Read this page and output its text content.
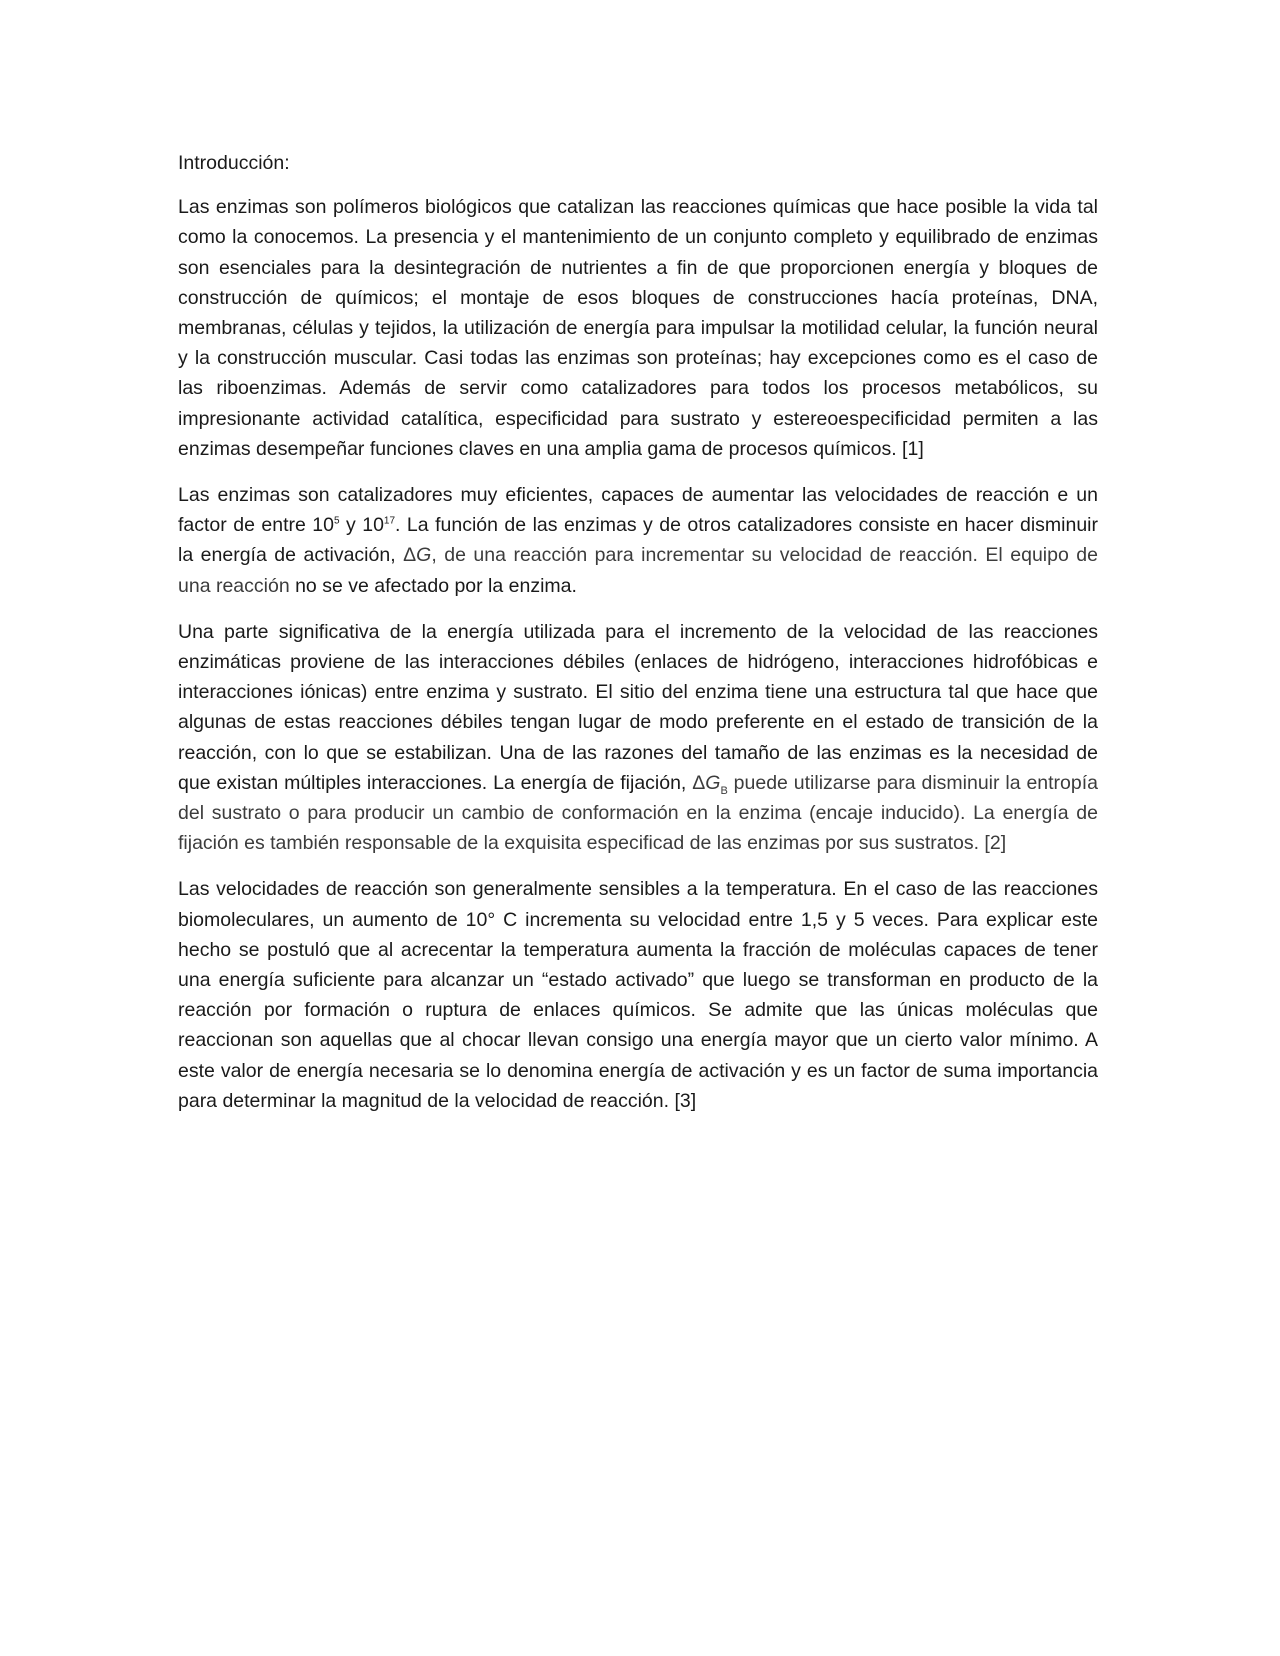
Introducción:

Las enzimas son polímeros biológicos que catalizan las reacciones químicas que hace posible la vida tal como la conocemos. La presencia y el mantenimiento de un conjunto completo y equilibrado de enzimas son esenciales para la desintegración de nutrientes a fin de que proporcionen energía y bloques de construcción de químicos; el montaje de esos bloques de construcciones hacía proteínas, DNA, membranas, células y tejidos, la utilización de energía para impulsar la motilidad celular, la función neural y la construcción muscular. Casi todas las enzimas son proteínas; hay excepciones como es el caso de las riboenzimas. Además de servir como catalizadores para todos los procesos metabólicos, su impresionante actividad catalítica, especificidad para sustrato y estereoespecificidad permiten a las enzimas desempeñar funciones claves en una amplia gama de procesos químicos. [1]

Las enzimas son catalizadores muy eficientes, capaces de aumentar las velocidades de reacción e un factor de entre $10^5$ y $10^{17}$. La función de las enzimas y de otros catalizadores consiste en hacer disminuir la energía de activación, ΔG, de una reacción para incrementar su velocidad de reacción. El equipo de una reacción no se ve afectado por la enzima.

Una parte significativa de la energía utilizada para el incremento de la velocidad de las reacciones enzimáticas proviene de las interacciones débiles (enlaces de hidrógeno, interacciones hidrofóbicas e interacciones iónicas) entre enzima y sustrato. El sitio del enzima tiene una estructura tal que hace que algunas de estas reacciones débiles tengan lugar de modo preferente en el estado de transición de la reacción, con lo que se estabilizan. Una de las razones del tamaño de las enzimas es la necesidad de que existan múltiples interacciones. La energía de fijación, $\Delta G_B$ puede utilizarse para disminuir la entropía del sustrato o para producir un cambio de conformación en la enzima (encaje inducido). La energía de fijación es también responsable de la exquisita especificad de las enzimas por sus sustratos. [2]

Las velocidades de reacción son generalmente sensibles a la temperatura. En el caso de las reacciones biomoleculares, un aumento de 10° C incrementa su velocidad entre 1,5 y 5 veces. Para explicar este hecho se postuló que al acrecentar la temperatura aumenta la fracción de moléculas capaces de tener una energía suficiente para alcanzar un “estado activado” que luego se transforman en producto de la reacción por formación o ruptura de enlaces químicos. Se admite que las únicas moléculas que reaccionan son aquellas que al chocar llevan consigo una energía mayor que un cierto valor mínimo. A este valor de energía necesaria se lo denomina energía de activación y es un factor de suma importancia para determinar la magnitud de la velocidad de reacción. [3]
